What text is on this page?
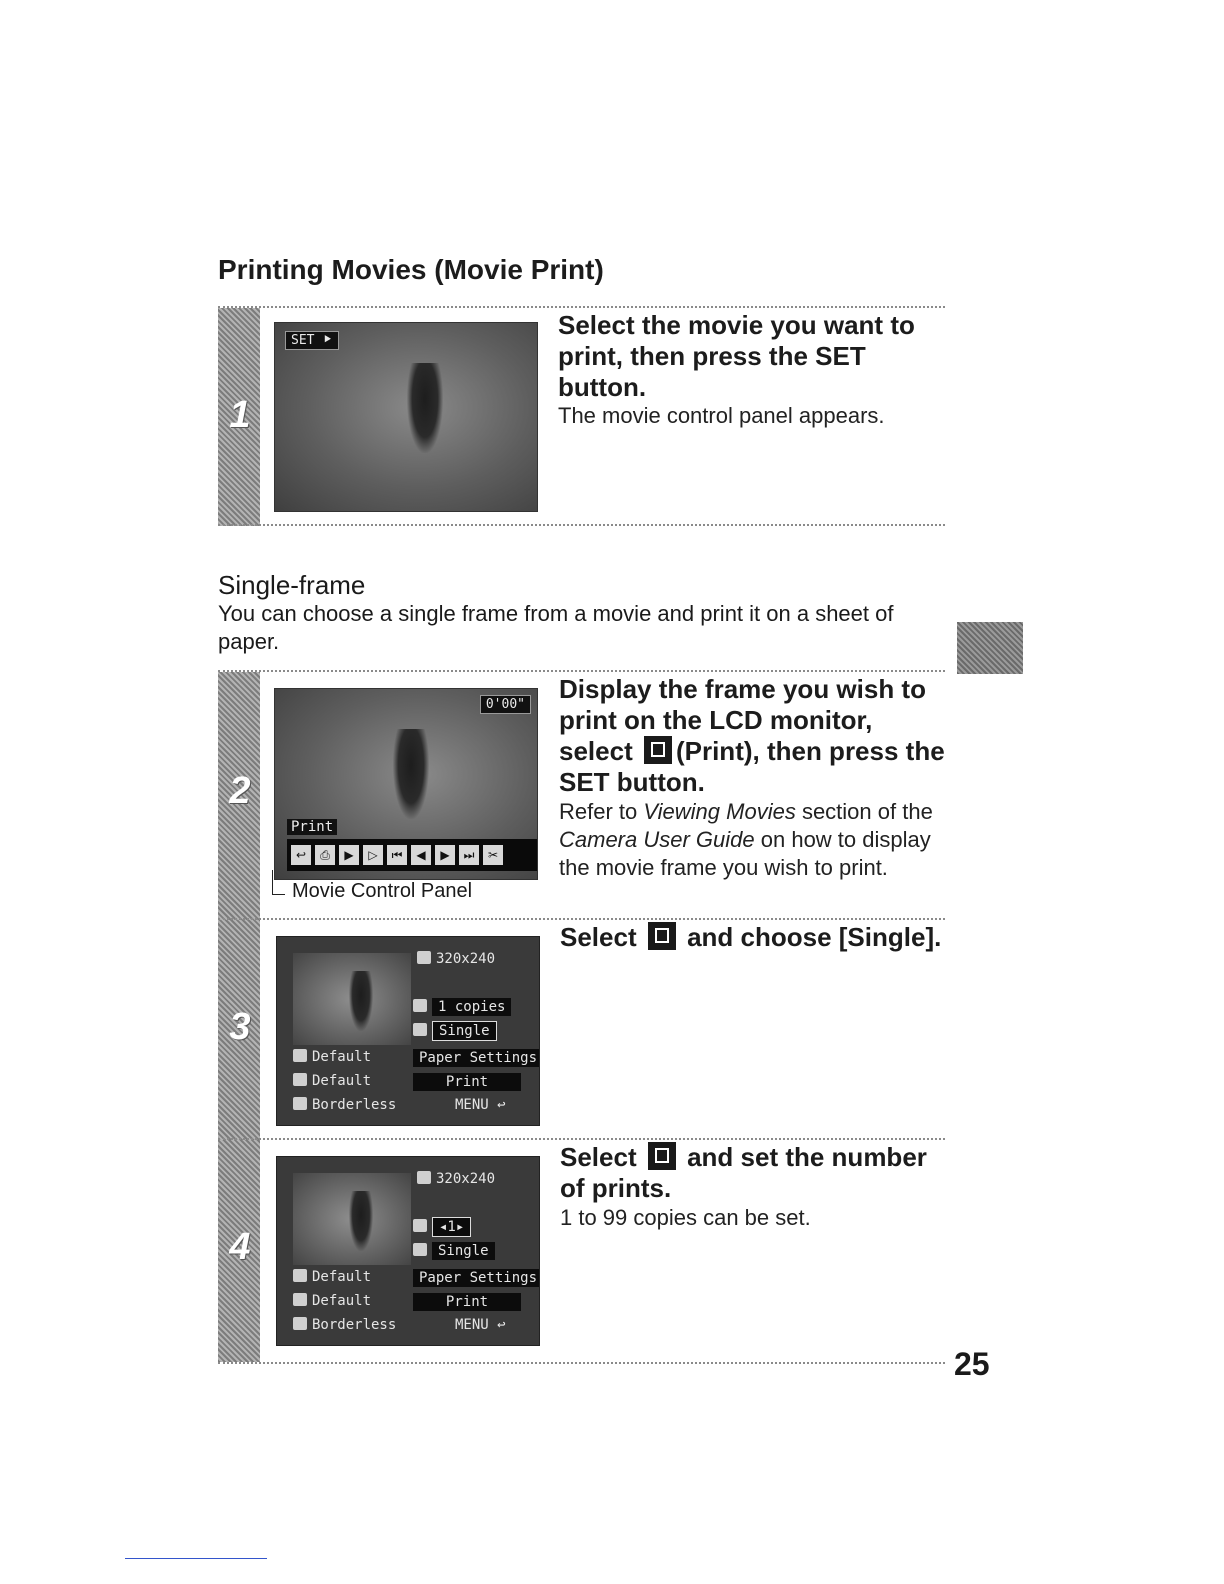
Printing Movies (Movie Print)
1
SET ⯈
Select the movie you want to print, then press the SET button.
The movie control panel appears.
Single-frame
You can choose a single frame from a movie and print it on a sheet of paper.
2
0'00"
Print
↩	⎙	▶	▷	⏮	◀	▶	⏭	✂
Movie Control Panel
Display the frame you wish to print on the LCD monitor, select (Print), then press the SET button.
Refer to Viewing Movies section of the Camera User Guide on how to display the movie frame you wish to print.
3
320x240
1 copies
Single
Default
Default
Borderless
Paper Settings
Print
MENU ↩
Select and choose [Single].
4
320x240
◂1▸
Single
Default
Default
Borderless
Paper Settings
Print
MENU ↩
Select and set the number of prints.
1 to 99 copies can be set.
25
